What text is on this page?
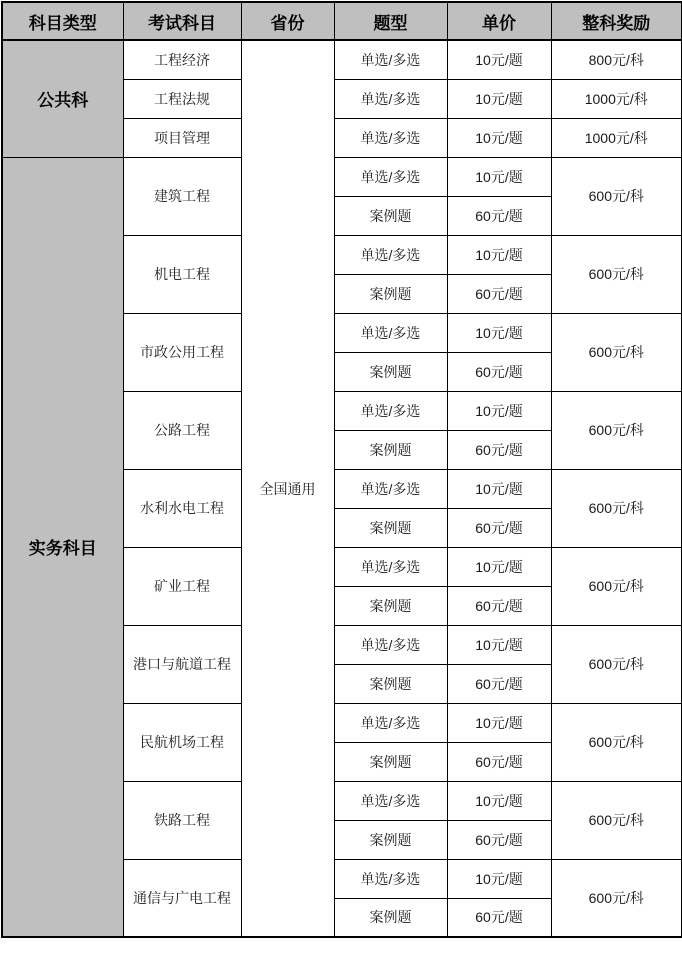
科目类型	考试科目	省份	题型	单价	整科奖励
公共科	工程经济	全国通用	单选/多选	10元/题	800元/科
	工程法规		单选/多选	10元/题	1000元/科
	项目管理		单选/多选	10元/题	1000元/科
实务科目	建筑工程		单选/多选	10元/题	600元/科
			案例题	60元/题	
	机电工程		单选/多选	10元/题	600元/科
			案例题	60元/题	
	市政公用工程		单选/多选	10元/题	600元/科
			案例题	60元/题	
	公路工程		单选/多选	10元/题	600元/科
			案例题	60元/题	
	水利水电工程		单选/多选	10元/题	600元/科
			案例题	60元/题	
	矿业工程		单选/多选	10元/题	600元/科
			案例题	60元/题	
	港口与航道工程		单选/多选	10元/题	600元/科
			案例题	60元/题	
	民航机场工程		单选/多选	10元/题	600元/科
			案例题	60元/题	
	铁路工程		单选/多选	10元/题	600元/科
			案例题	60元/题	
	通信与广电工程		单选/多选	10元/题	600元/科
			案例题	60元/题	
